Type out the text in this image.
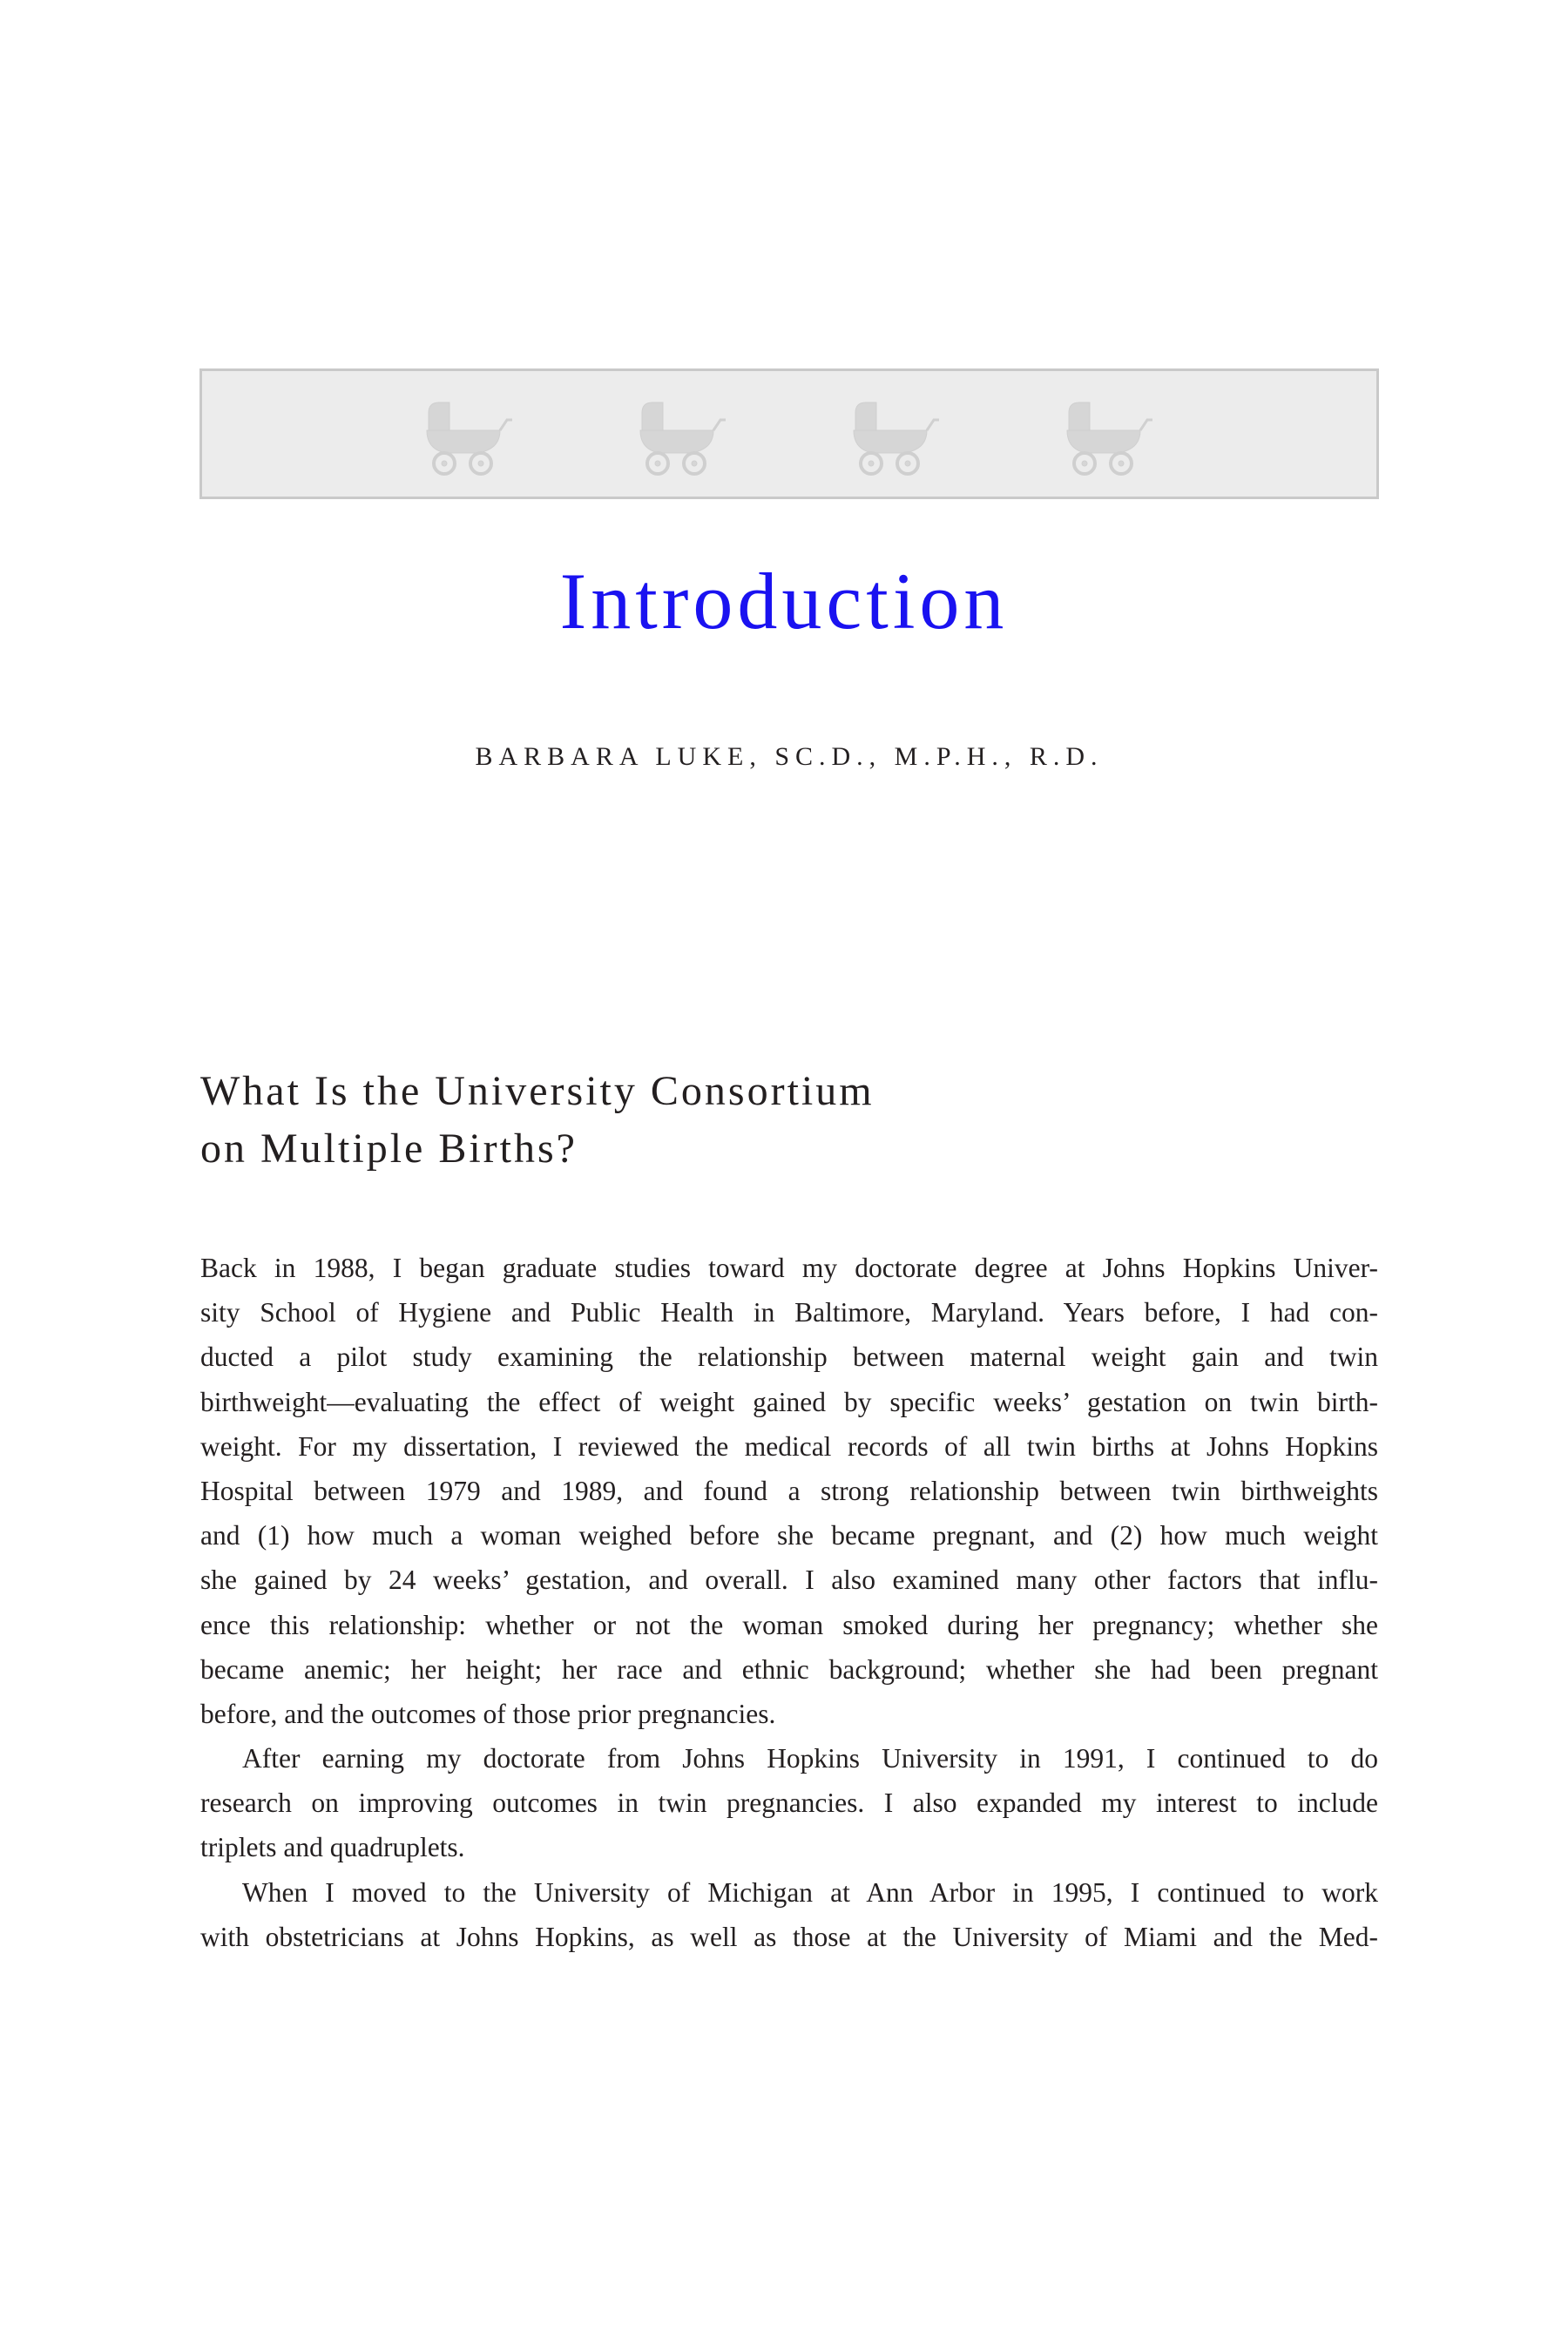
Introduction

BARBARA LUKE, SC.D., M.P.H., R.D.

What Is the University Consortium
on Multiple Births?
Back in 1988, I began graduate studies toward my doctorate degree at Johns Hopkins Univer-
sity School of Hygiene and Public Health in Baltimore, Maryland. Years before, I had con-
ducted a pilot study examining the relationship between maternal weight gain and twin
birthweight—evaluating the effect of weight gained by specific weeks’ gestation on twin birth-
weight. For my dissertation, I reviewed the medical records of all twin births at Johns Hopkins
Hospital between 1979 and 1989, and found a strong relationship between twin birthweights
and (1) how much a woman weighed before she became pregnant, and (2) how much weight
she gained by 24 weeks’ gestation, and overall. I also examined many other factors that influ-
ence this relationship: whether or not the woman smoked during her pregnancy; whether she
became anemic; her height; her race and ethnic background; whether she had been pregnant
before, and the outcomes of those prior pregnancies.
After earning my doctorate from Johns Hopkins University in 1991, I continued to do
research on improving outcomes in twin pregnancies. I also expanded my interest to include
triplets and quadruplets.
When I moved to the University of Michigan at Ann Arbor in 1995, I continued to work
with obstetricians at Johns Hopkins, as well as those at the University of Miami and the Med-
